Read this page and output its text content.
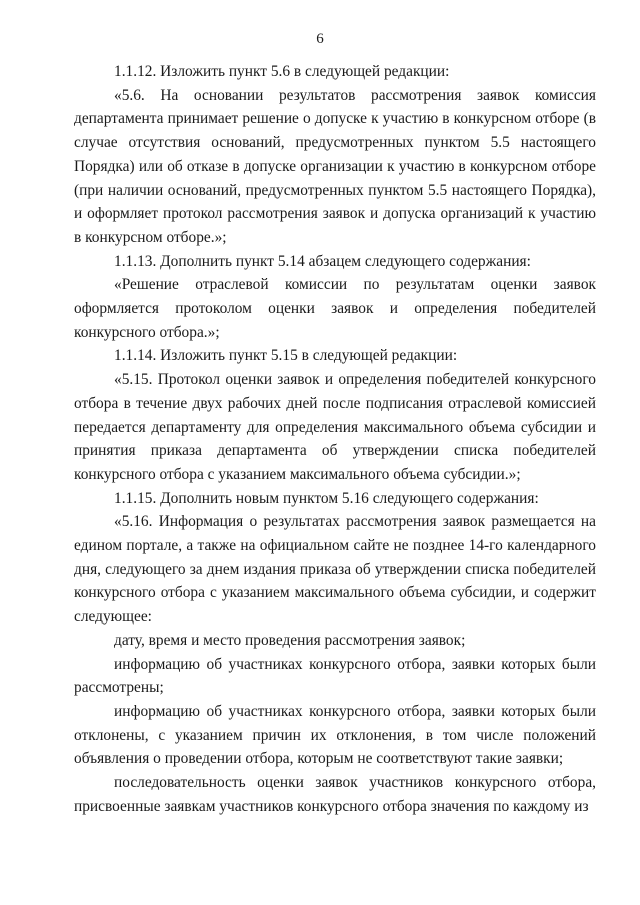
6

1.1.12. Изложить пункт 5.6 в следующей редакции:

«5.6. На основании результатов рассмотрения заявок комиссия департамента принимает решение о допуске к участию в конкурсном отборе (в случае отсутствия оснований, предусмотренных пунктом 5.5 настоящего Порядка) или об отказе в допуске организации к участию в конкурсном отборе (при наличии оснований, предусмотренных пунктом 5.5 настоящего Порядка), и оформляет протокол рассмотрения заявок и допуска организаций к участию в конкурсном отборе.»;

1.1.13. Дополнить пункт 5.14 абзацем следующего содержания:

«Решение отраслевой комиссии по результатам оценки заявок оформляется протоколом оценки заявок и определения победителей конкурсного отбора.»;

1.1.14. Изложить пункт 5.15 в следующей редакции:

«5.15. Протокол оценки заявок и определения победителей конкурсного отбора в течение двух рабочих дней после подписания отраслевой комиссией передается департаменту для определения максимального объема субсидии и принятия приказа департамента об утверждении списка победителей конкурсного отбора с указанием максимального объема субсидии.»;

1.1.15. Дополнить новым пунктом 5.16 следующего содержания:

«5.16. Информация о результатах рассмотрения заявок размещается на едином портале, а также на официальном сайте не позднее 14-го календарного дня, следующего за днем издания приказа об утверждении списка победителей конкурсного отбора с указанием максимального объема субсидии, и содержит следующее:

дату, время и место проведения рассмотрения заявок;

информацию об участниках конкурсного отбора, заявки которых были рассмотрены;

информацию об участниках конкурсного отбора, заявки которых были отклонены, с указанием причин их отклонения, в том числе положений объявления о проведении отбора, которым не соответствуют такие заявки;

последовательность оценки заявок участников конкурсного отбора, присвоенные заявкам участников конкурсного отбора значения по каждому из
